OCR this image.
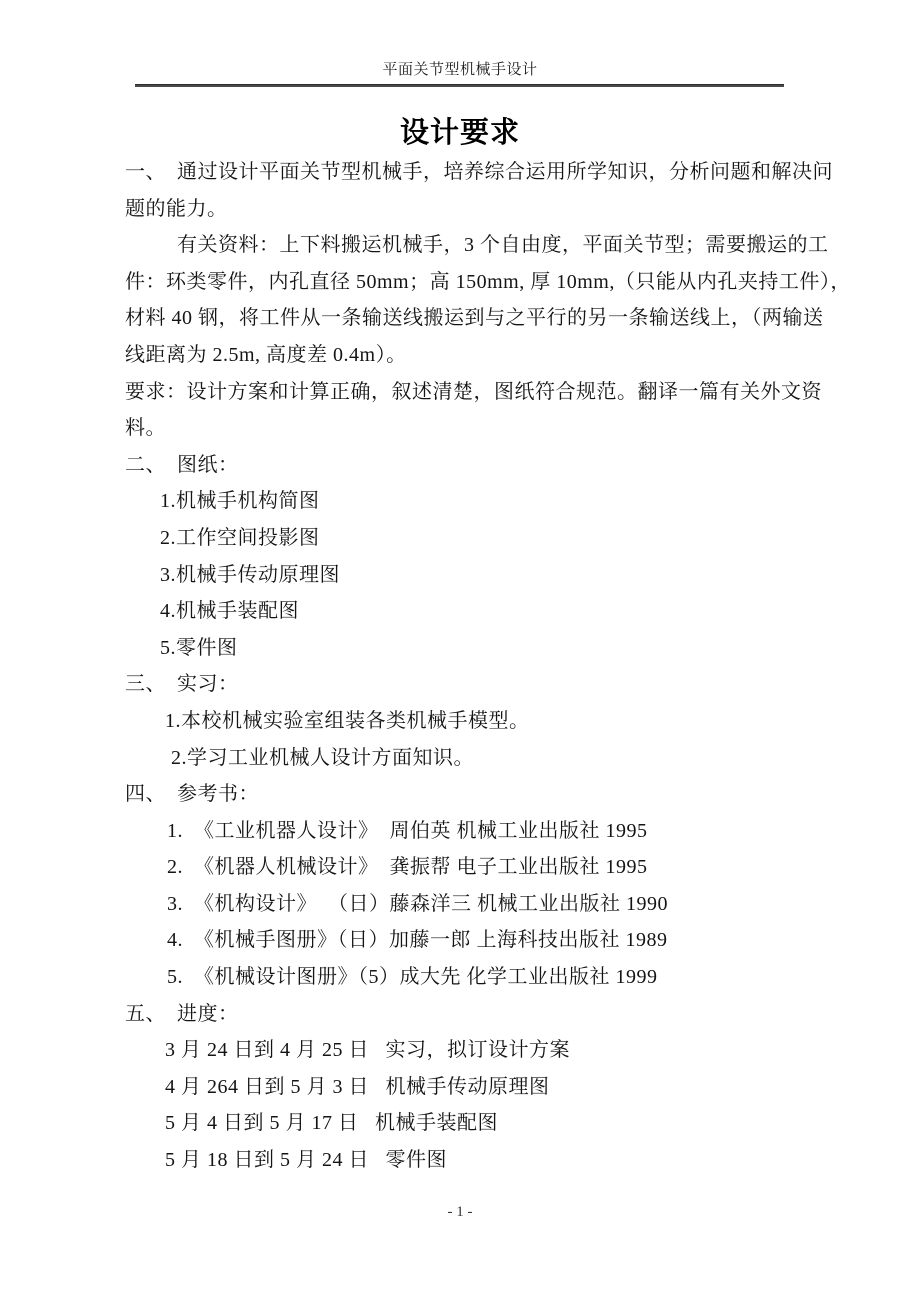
平面关节型机械手设计
设计要求
一、  通过设计平面关节型机械手，培养综合运用所学知识，分析问题和解决问
题的能力。
有关资料：上下料搬运机械手，3 个自由度，平面关节型；需要搬运的工
件：环类零件，内孔直径 50mm；高 150mm, 厚 10mm,（只能从内孔夹持工件），
材料 40 钢，将工件从一条输送线搬运到与之平行的另一条输送线上，（两输送
线距离为 2.5m, 高度差 0.4m）。
要求：设计方案和计算正确，叙述清楚，图纸符合规范。翻译一篇有关外文资
料。
二、  图纸：
1.机械手机构简图
2.工作空间投影图
3.机械手传动原理图
4.机械手装配图
5.零件图
三、  实习：
1.本校机械实验室组装各类机械手模型。
2.学习工业机械人设计方面知识。
四、  参考书：
1.  《工业机器人设计》  周伯英 机械工业出版社 1995
2.  《机器人机械设计》  龚振帮 电子工业出版社 1995
3.  《机构设计》  （日）藤森洋三 机械工业出版社 1990
4.  《机械手图册》（日）加藤一郎 上海科技出版社 1989
5.  《机械设计图册》（5）成大先 化学工业出版社 1999
五、  进度：
3 月 24 日到 4 月 25 日   实习，拟订设计方案
4 月 264 日到 5 月 3 日   机械手传动原理图
5 月 4 日到 5 月 17 日   机械手装配图
5 月 18 日到 5 月 24 日   零件图
- 1 -
